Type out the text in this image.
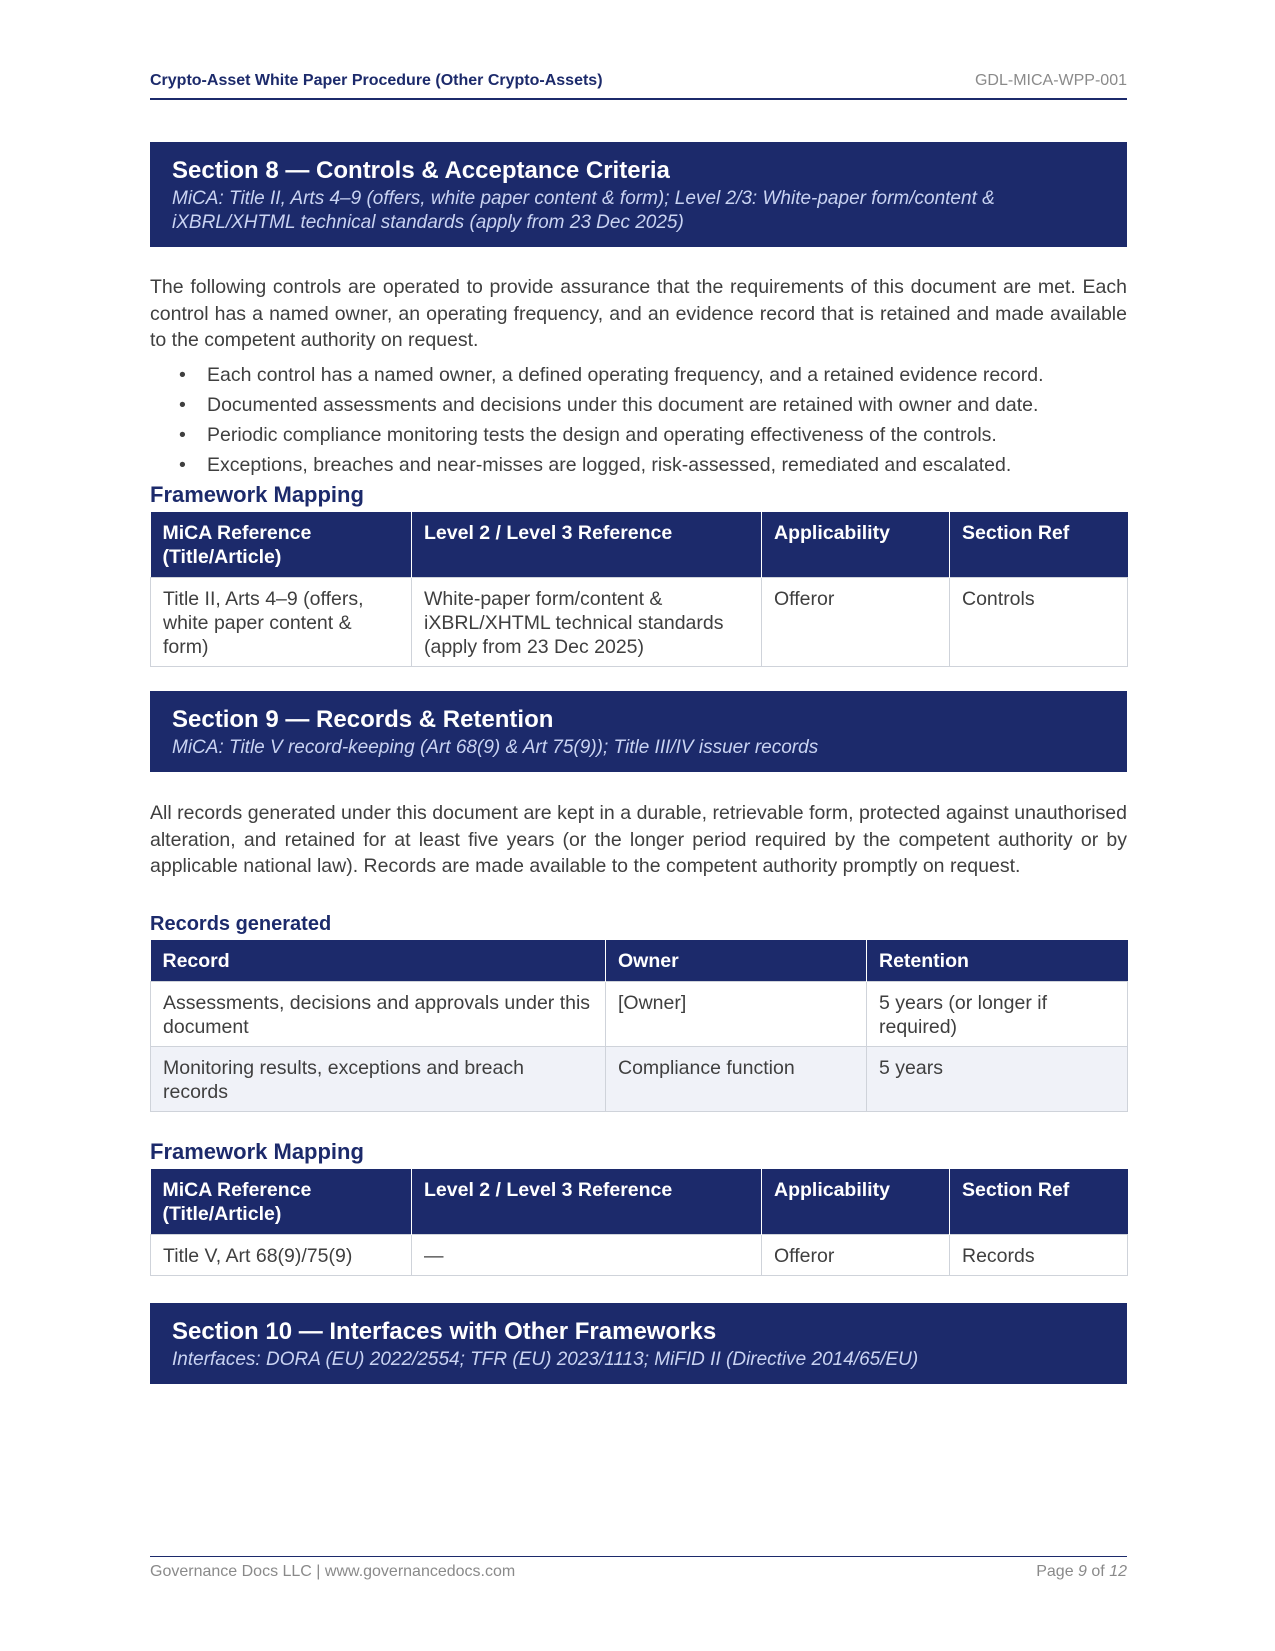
Crypto-Asset White Paper Procedure (Other Crypto-Assets)	GDL-MICA-WPP-001
Section 8 — Controls & Acceptance Criteria
MiCA: Title II, Arts 4–9 (offers, white paper content & form); Level 2/3: White-paper form/content & iXBRL/XHTML technical standards (apply from 23 Dec 2025)
The following controls are operated to provide assurance that the requirements of this document are met. Each control has a named owner, an operating frequency, and an evidence record that is retained and made available to the competent authority on request.
• Each control has a named owner, a defined operating frequency, and a retained evidence record.
• Documented assessments and decisions under this document are retained with owner and date.
• Periodic compliance monitoring tests the design and operating effectiveness of the controls.
• Exceptions, breaches and near-misses are logged, risk-assessed, remediated and escalated.
Framework Mapping
MiCA Reference (Title/Article)	Level 2 / Level 3 Reference	Applicability	Section Ref
Title II, Arts 4–9 (offers, white paper content & form)	White-paper form/content & iXBRL/XHTML technical standards (apply from 23 Dec 2025)	Offeror	Controls
Section 9 — Records & Retention
MiCA: Title V record-keeping (Art 68(9) & Art 75(9)); Title III/IV issuer records
All records generated under this document are kept in a durable, retrievable form, protected against unauthorised alteration, and retained for at least five years (or the longer period required by the competent authority or by applicable national law). Records are made available to the competent authority promptly on request.
Records generated
Record	Owner	Retention
Assessments, decisions and approvals under this document	[Owner]	5 years (or longer if required)
Monitoring results, exceptions and breach records	Compliance function	5 years
Framework Mapping
MiCA Reference (Title/Article)	Level 2 / Level 3 Reference	Applicability	Section Ref
Title V, Art 68(9)/75(9)	—	Offeror	Records
Section 10 — Interfaces with Other Frameworks
Interfaces: DORA (EU) 2022/2554; TFR (EU) 2023/1113; MiFID II (Directive 2014/65/EU)
Governance Docs LLC | www.governancedocs.com	Page 9 of 12
